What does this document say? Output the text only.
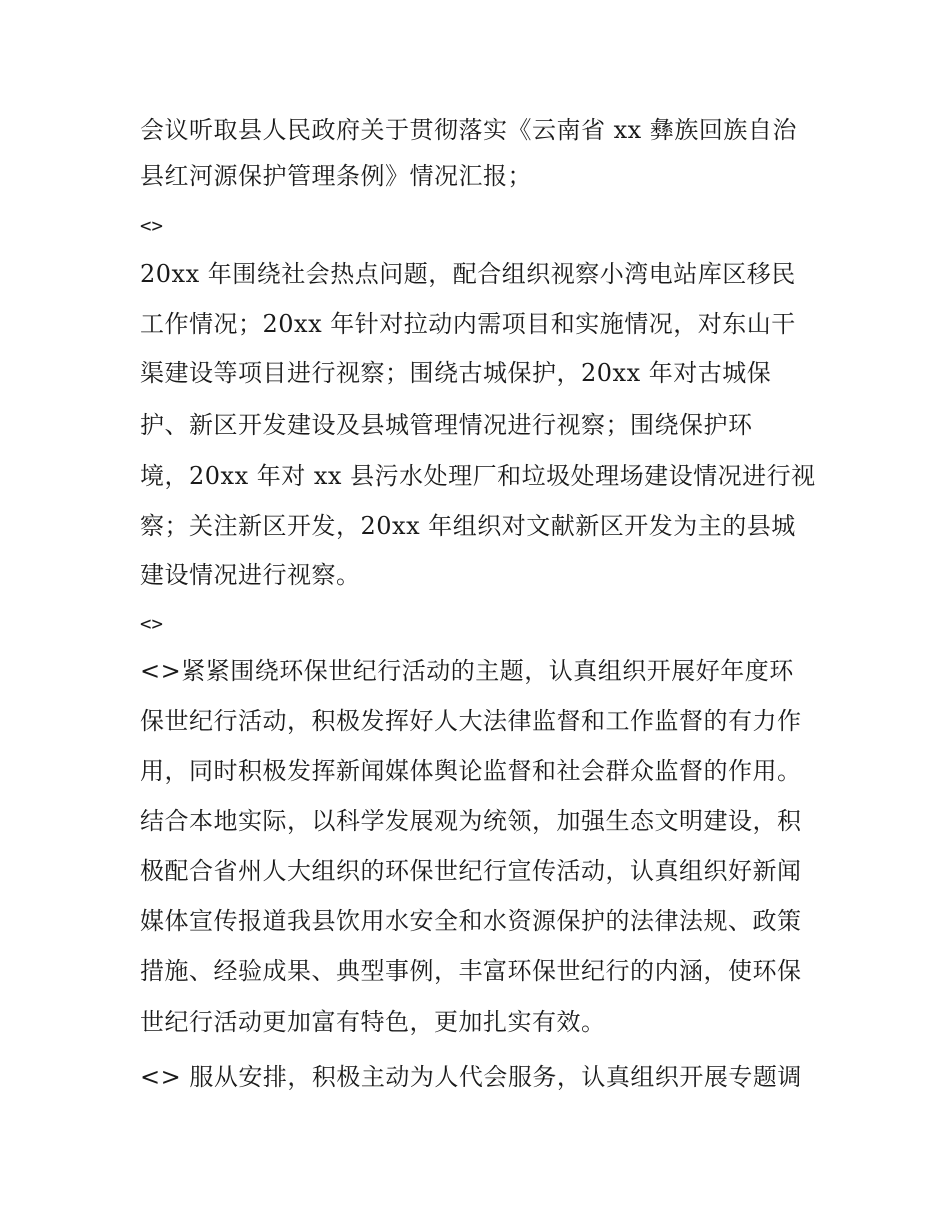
会议听取县人民政府关于贯彻落实《云南省 xx 彝族回族自治
县红河源保护管理条例》情况汇报；
<>
20xx 年围绕社会热点问题，配合组织视察小湾电站库区移民
工作情况；20xx 年针对拉动内需项目和实施情况，对东山干
渠建设等项目进行视察；围绕古城保护，20xx 年对古城保
护、新区开发建设及县城管理情况进行视察；围绕保护环
境，20xx 年对 xx 县污水处理厂和垃圾处理场建设情况进行视
察；关注新区开发，20xx 年组织对文献新区开发为主的县城
建设情况进行视察。
<>
<>紧紧围绕环保世纪行活动的主题，认真组织开展好年度环
保世纪行活动，积极发挥好人大法律监督和工作监督的有力作
用，同时积极发挥新闻媒体舆论监督和社会群众监督的作用。
结合本地实际，以科学发展观为统领，加强生态文明建设，积
极配合省州人大组织的环保世纪行宣传活动，认真组织好新闻
媒体宣传报道我县饮用水安全和水资源保护的法律法规、政策
措施、经验成果、典型事例，丰富环保世纪行的内涵，使环保
世纪行活动更加富有特色，更加扎实有效。
<> 服从安排，积极主动为人代会服务，认真组织开展专题调
